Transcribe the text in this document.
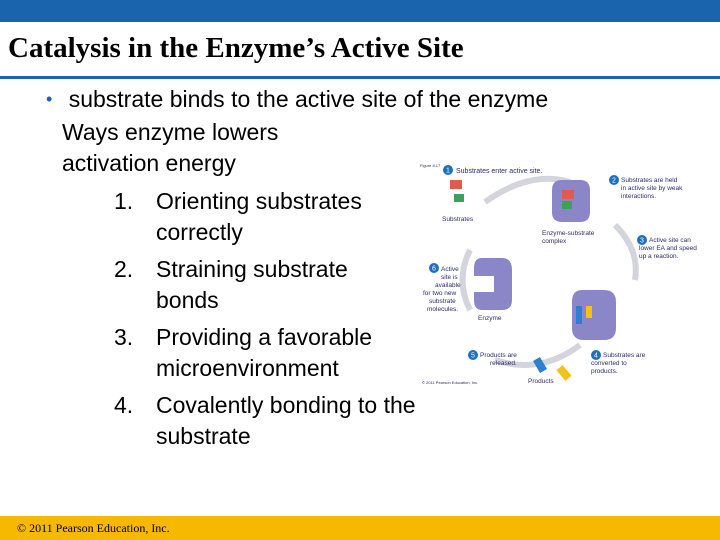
Catalysis in the Enzyme’s Active Site
• substrate binds to the active site of the enzyme
Ways enzyme lowers
activation energy
1. Orienting substrates correctly
2. Straining substrate bonds
3. Providing a favorable microenvironment
4. Covalently bonding to the substrate
1 Substrates enter active site.
Figure 8.17
Substrates
Enzyme-substrate
complex
2 Substrates are held
in active site by weak
interactions.
3 Active site can
lower EA and speed
up a reaction.
4 Substrates are
converted to
products.
Products
5 Products are
released.
Enzyme
6 Active
site is
available
for two new
substrate
molecules.
© 2011 Pearson Education, Inc.
© 2011 Pearson Education, Inc.
